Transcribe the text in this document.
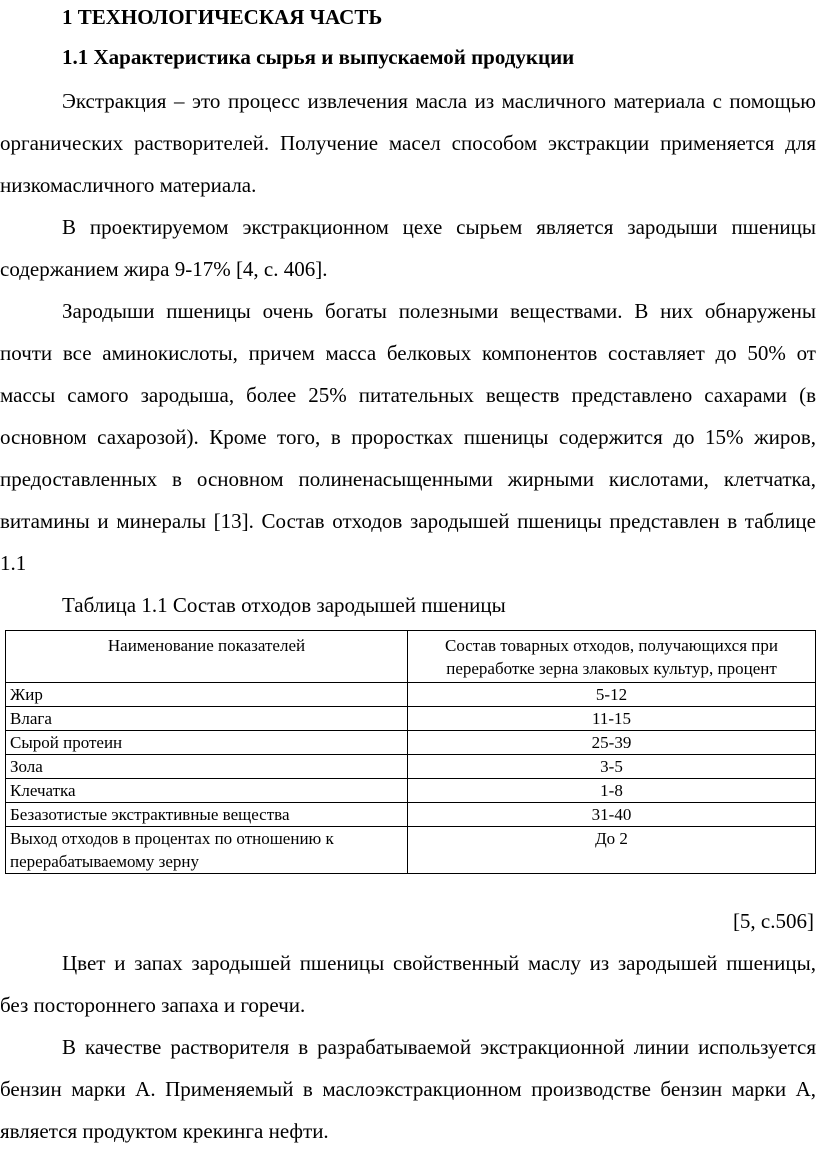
1 ТЕХНОЛОГИЧЕСКАЯ ЧАСТЬ
1.1 Характеристика сырья и выпускаемой продукции
Экстракция – это процесс извлечения масла из масличного материала с помощью органических растворителей. Получение масел способом экстракции применяется для низкомасличного материала.
В проектируемом экстракционном цехе сырьем является зародыши пшеницы содержанием жира 9-17% [4, с. 406].
Зародыши пшеницы очень богаты полезными веществами. В них обнаружены почти все аминокислоты, причем масса белковых компонентов составляет до 50% от массы самого зародыша, более 25% питательных веществ представлено сахарами (в основном сахарозой). Кроме того, в проростках пшеницы содержится до 15% жиров, предоставленных в основном полиненасыщенными жирными кислотами, клетчатка, витамины и минералы [13]. Состав отходов зародышей пшеницы представлен в таблице 1.1
Таблица 1.1 Состав отходов зародышей пшеницы
Наименование показателей	Состав товарных отходов, получающихся при переработке зерна злаковых культур, процент
Жир	5-12
Влага	11-15
Сырой протеин	25-39
Зола	3-5
Клечатка	1-8
Безазотистые экстрактивные вещества	31-40
Выход отходов в процентах по отношению к перерабатываемому зерну	До 2
[5, с.506]
Цвет и запах зародышей пшеницы свойственный маслу из зародышей пшеницы, без постороннего запаха и горечи.
В качестве растворителя в разрабатываемой экстракционной линии используется бензин марки А. Применяемый в маслоэкстракционном производстве бензин марки А, является продуктом крекинга нефти.
